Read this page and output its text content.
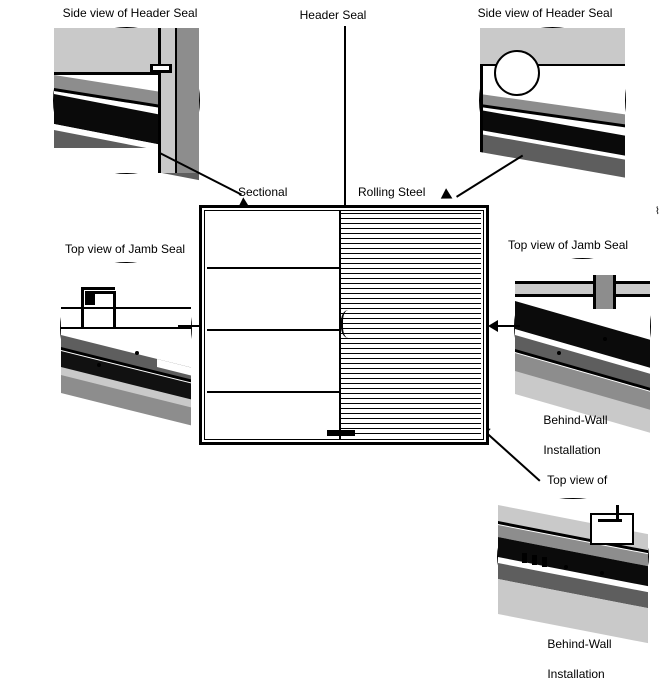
Header Seal
Side view of Header Seal	Side view of Header Seal
Top view of Jamb Seal	Top view of Jamb Seal

Behind-Wall

Installation

Top view of

Behind-Wall

Installation

Sectional	Rolling Steel
⌇
